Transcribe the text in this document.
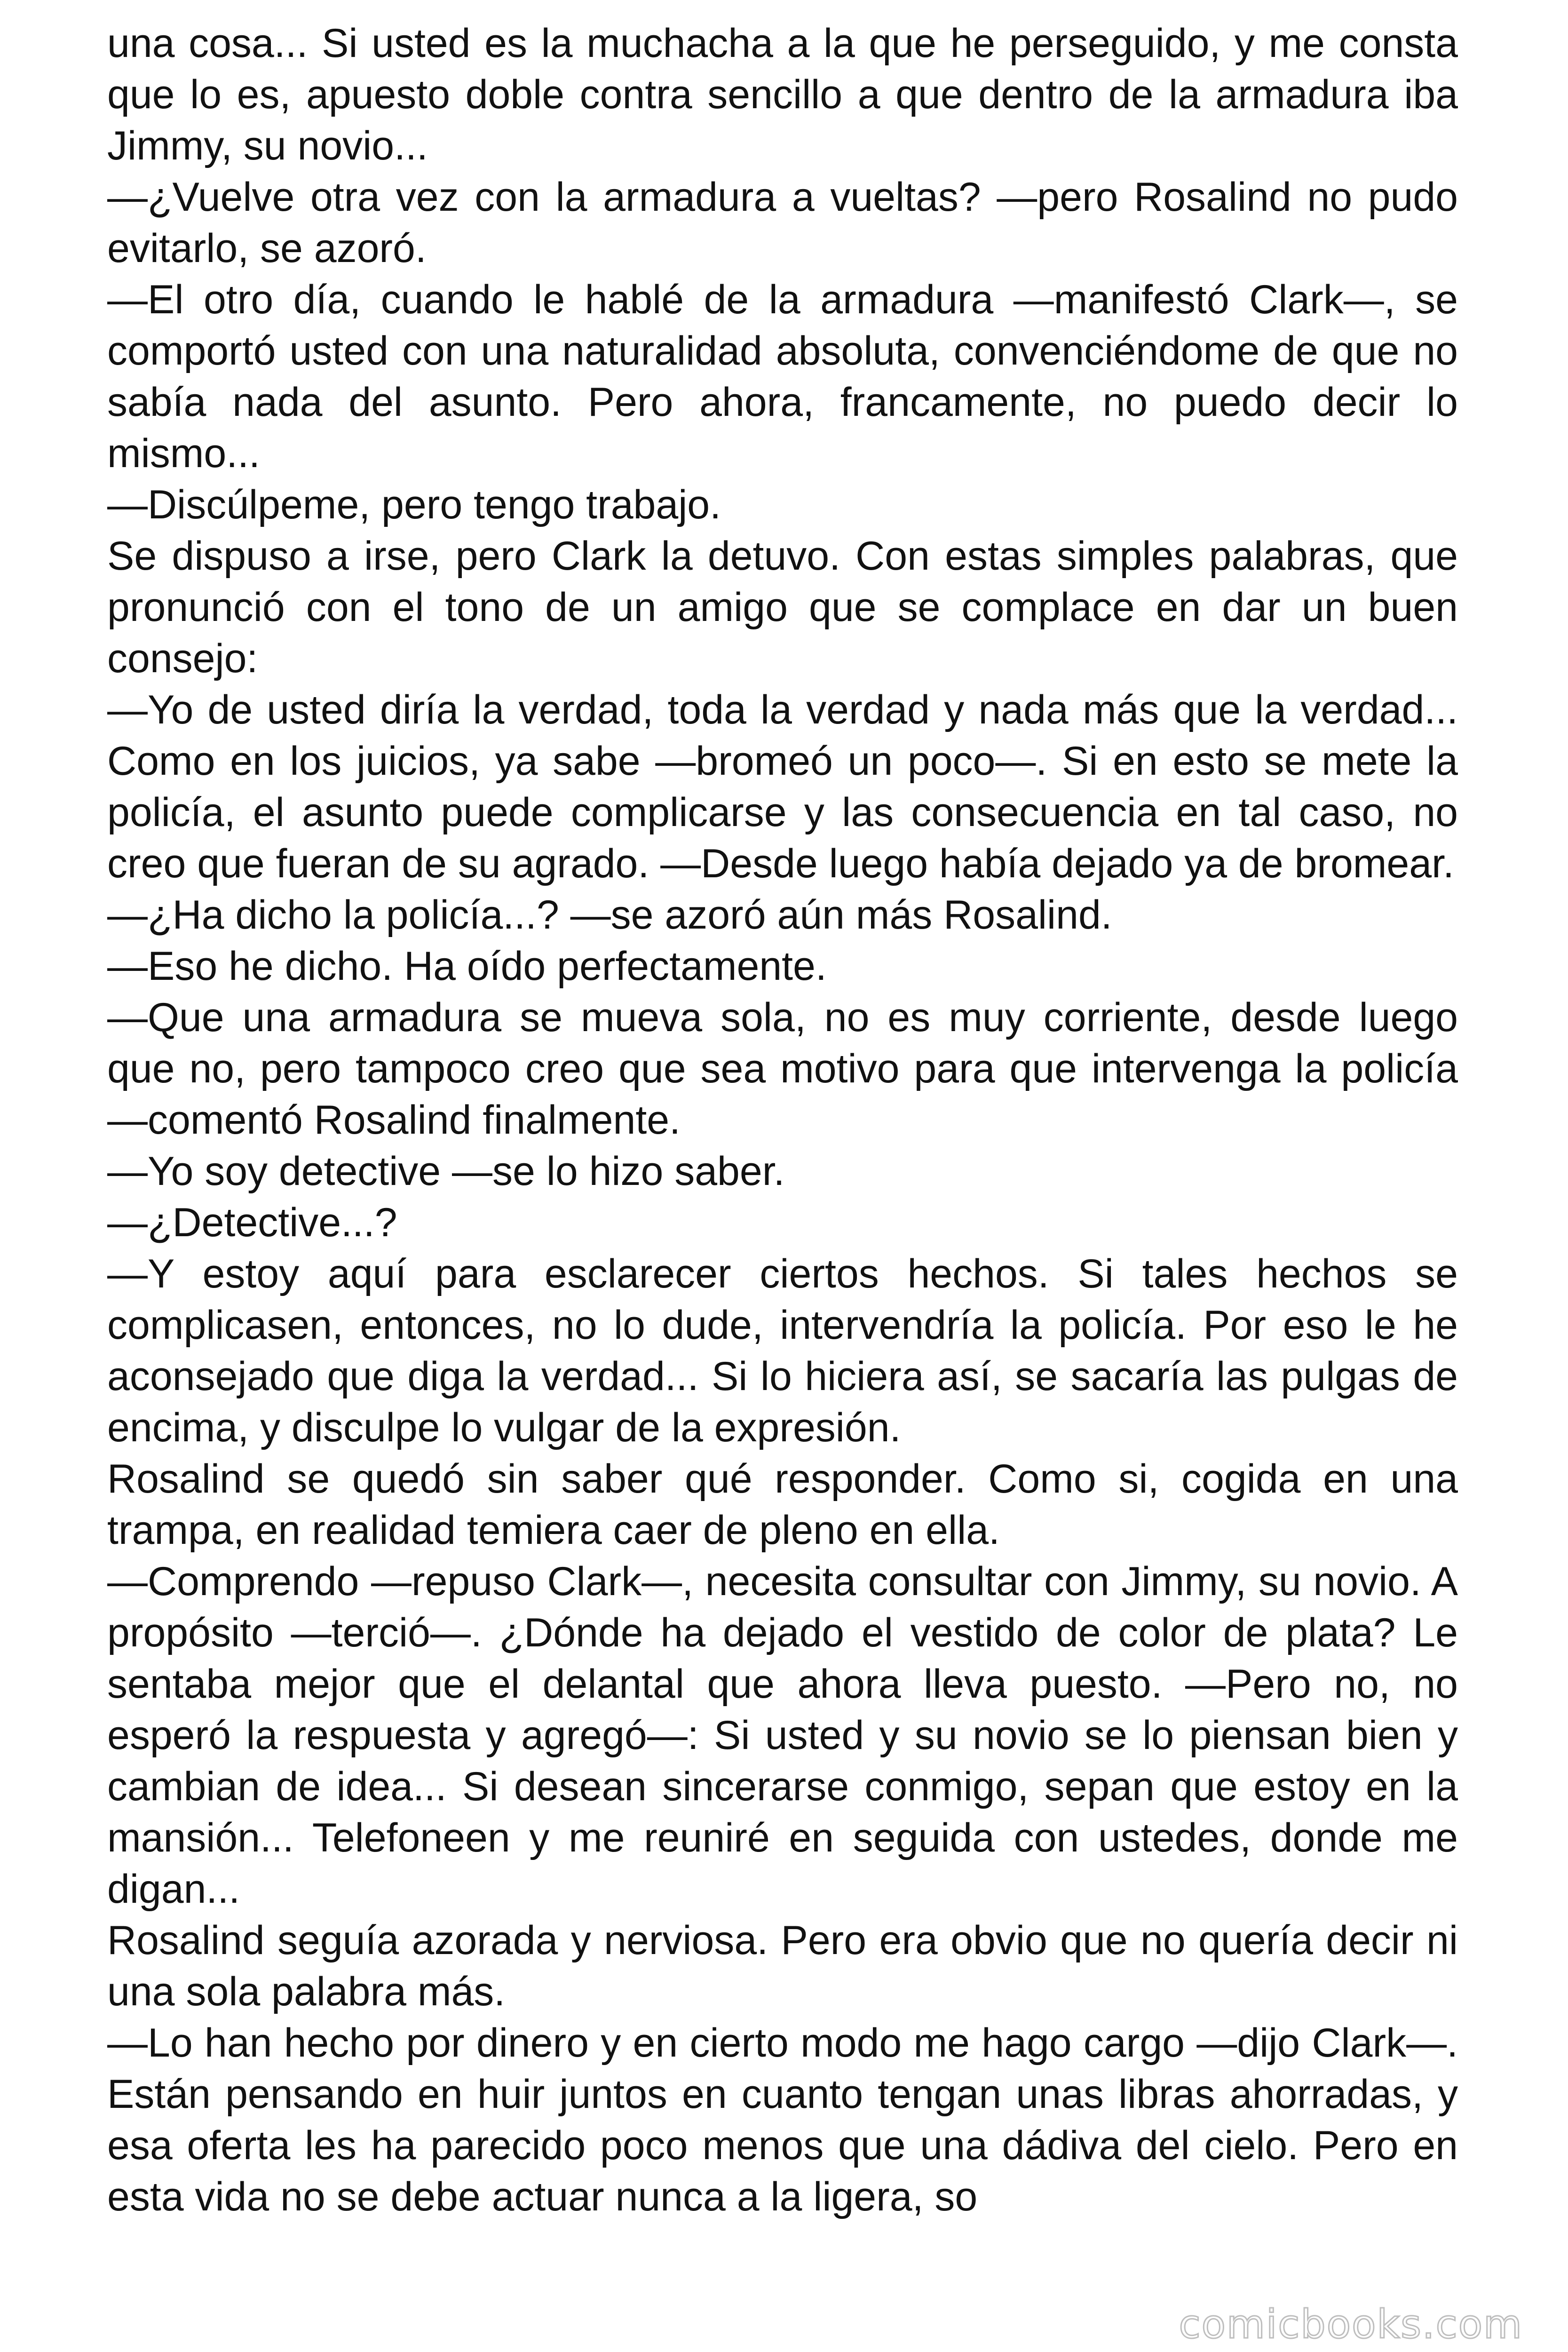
una cosa... Si usted es la muchacha a la que he perseguido, y me consta que lo es, apuesto doble contra sencillo a que dentro de la armadura iba Jimmy, su novio...

—¿Vuelve otra vez con la armadura a vueltas? —pero Rosalind no pudo evitarlo, se azoró.

—El otro día, cuando le hablé de la armadura —manifestó Clark—, se comportó usted con una naturalidad absoluta, convenciéndome de que no sabía nada del asunto. Pero ahora, francamente, no puedo decir lo mismo...

—Discúlpeme, pero tengo trabajo.

Se dispuso a irse, pero Clark la detuvo. Con estas simples palabras, que pronunció con el tono de un amigo que se complace en dar un buen consejo:

—Yo de usted diría la verdad, toda la verdad y nada más que la verdad... Como en los juicios, ya sabe —bromeó un poco—. Si en esto se mete la policía, el asunto puede complicarse y las consecuencia en tal caso, no creo que fueran de su agrado. —Desde luego había dejado ya de bromear.

—¿Ha dicho la policía...? —se azoró aún más Rosalind.

—Eso he dicho. Ha oído perfectamente.

—Que una armadura se mueva sola, no es muy corriente, desde luego que no, pero tampoco creo que sea motivo para que intervenga la policía —comentó Rosalind finalmente.

—Yo soy detective —se lo hizo saber.

—¿Detective...?

—Y estoy aquí para esclarecer ciertos hechos. Si tales hechos se complicasen, entonces, no lo dude, intervendría la policía. Por eso le he aconsejado que diga la verdad... Si lo hiciera así, se sacaría las pulgas de encima, y disculpe lo vulgar de la expresión.

Rosalind se quedó sin saber qué responder. Como si, cogida en una trampa, en realidad temiera caer de pleno en ella.

—Comprendo —repuso Clark—, necesita consultar con Jimmy, su novio. A propósito —terció—. ¿Dónde ha dejado el vestido de color de plata? Le sentaba mejor que el delantal que ahora lleva puesto. —Pero no, no esperó la respuesta y agregó—: Si usted y su novio se lo piensan bien y cambian de idea... Si desean sincerarse conmigo, sepan que estoy en la mansión... Telefoneen y me reuniré en seguida con ustedes, donde me digan...

Rosalind seguía azorada y nerviosa. Pero era obvio que no quería decir ni una sola palabra más.

—Lo han hecho por dinero y en cierto modo me hago cargo —dijo Clark—. Están pensando en huir juntos en cuanto tengan unas libras ahorradas, y esa oferta les ha parecido poco menos que una dádiva del cielo. Pero en esta vida no se debe actuar nunca a la ligera, so

comicbooks.com
